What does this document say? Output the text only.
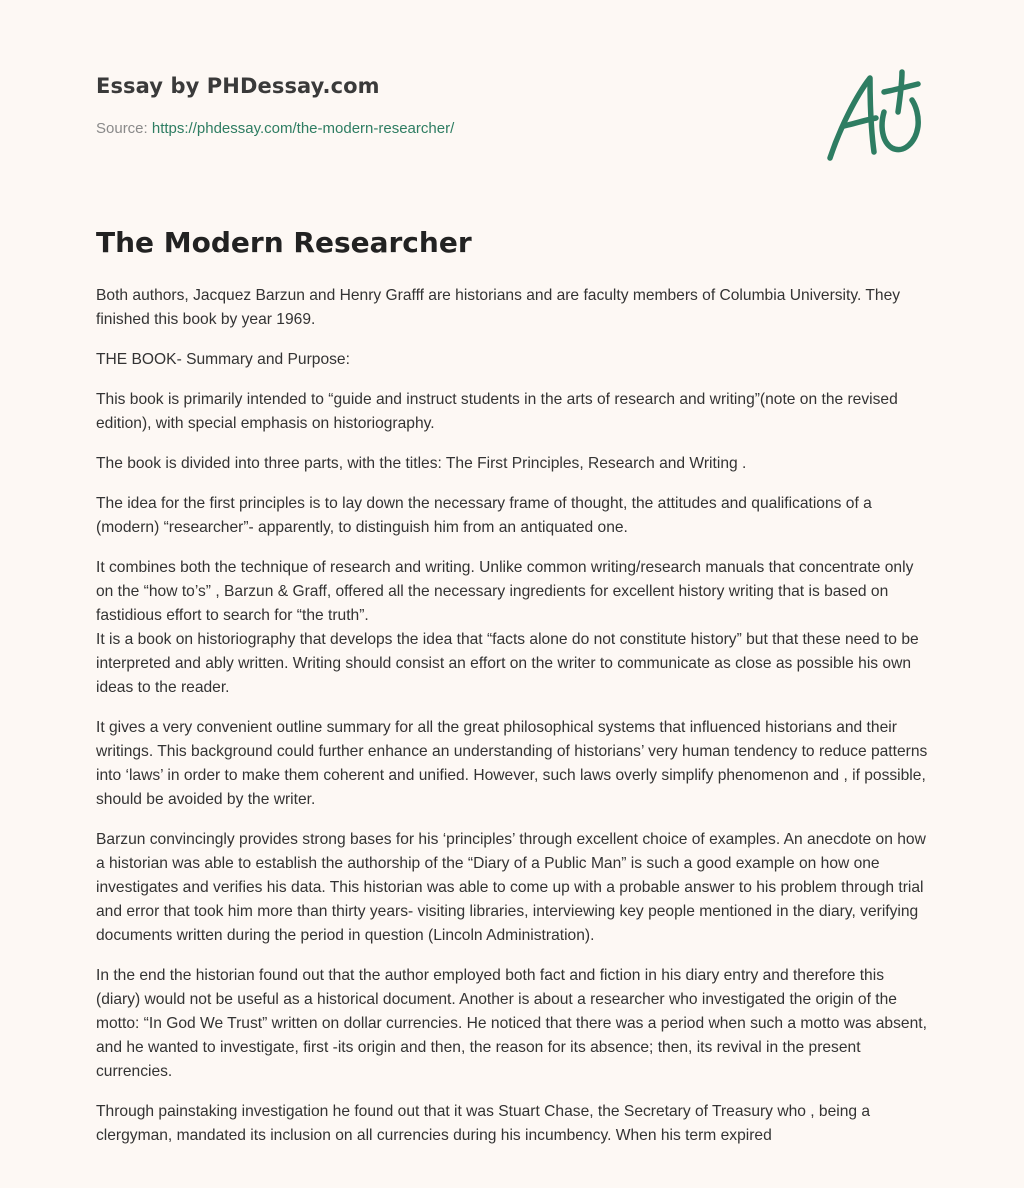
Essay by PHDessay.com
Source: https://phdessay.com/the-modern-researcher/
The Modern Researcher

Both authors, Jacquez Barzun and Henry Grafff are historians and are faculty members of Columbia University. They finished this book by year 1969.

THE BOOK- Summary and Purpose:

This book is primarily intended to “guide and instruct students in the arts of research and writing”(note on the revised edition), with special emphasis on historiography.

The book is divided into three parts, with the titles: The First Principles, Research and Writing .

The idea for the first principles is to lay down the necessary frame of thought, the attitudes and qualifications of a (modern) “researcher”- apparently, to distinguish him from an antiquated one.

It combines both the technique of research and writing. Unlike common writing/research manuals that concentrate only on the “how to’s” , Barzun & Graff, offered all the necessary ingredients for excellent history writing that is based on fastidious effort to search for “the truth”.
It is a book on historiography that develops the idea that “facts alone do not constitute history” but that these need to be interpreted and ably written. Writing should consist an effort on the writer to communicate as close as possible his own ideas to the reader.

It gives a very convenient outline summary for all the great philosophical systems that influenced historians and their writings. This background could further enhance an understanding of historians’ very human tendency to reduce patterns into ‘laws’ in order to make them coherent and unified. However, such laws overly simplify phenomenon and , if possible, should be avoided by the writer.

Barzun convincingly provides strong bases for his ‘principles’ through excellent choice of examples. An anecdote on how a historian was able to establish the authorship of the “Diary of a Public Man” is such a good example on how one investigates and verifies his data. This historian was able to come up with a probable answer to his problem through trial and error that took him more than thirty years- visiting libraries, interviewing key people mentioned in the diary, verifying documents written during the period in question (Lincoln Administration).

In the end the historian found out that the author employed both fact and fiction in his diary entry and therefore this (diary) would not be useful as a historical document. Another is about a researcher who investigated the origin of the motto: “In God We Trust” written on dollar currencies. He noticed that there was a period when such a motto was absent, and he wanted to investigate, first -its origin and then, the reason for its absence; then, its revival in the present currencies.

Through painstaking investigation he found out that it was Stuart Chase, the Secretary of Treasury who , being a clergyman, mandated its inclusion on all currencies during his incumbency. When his term expired
